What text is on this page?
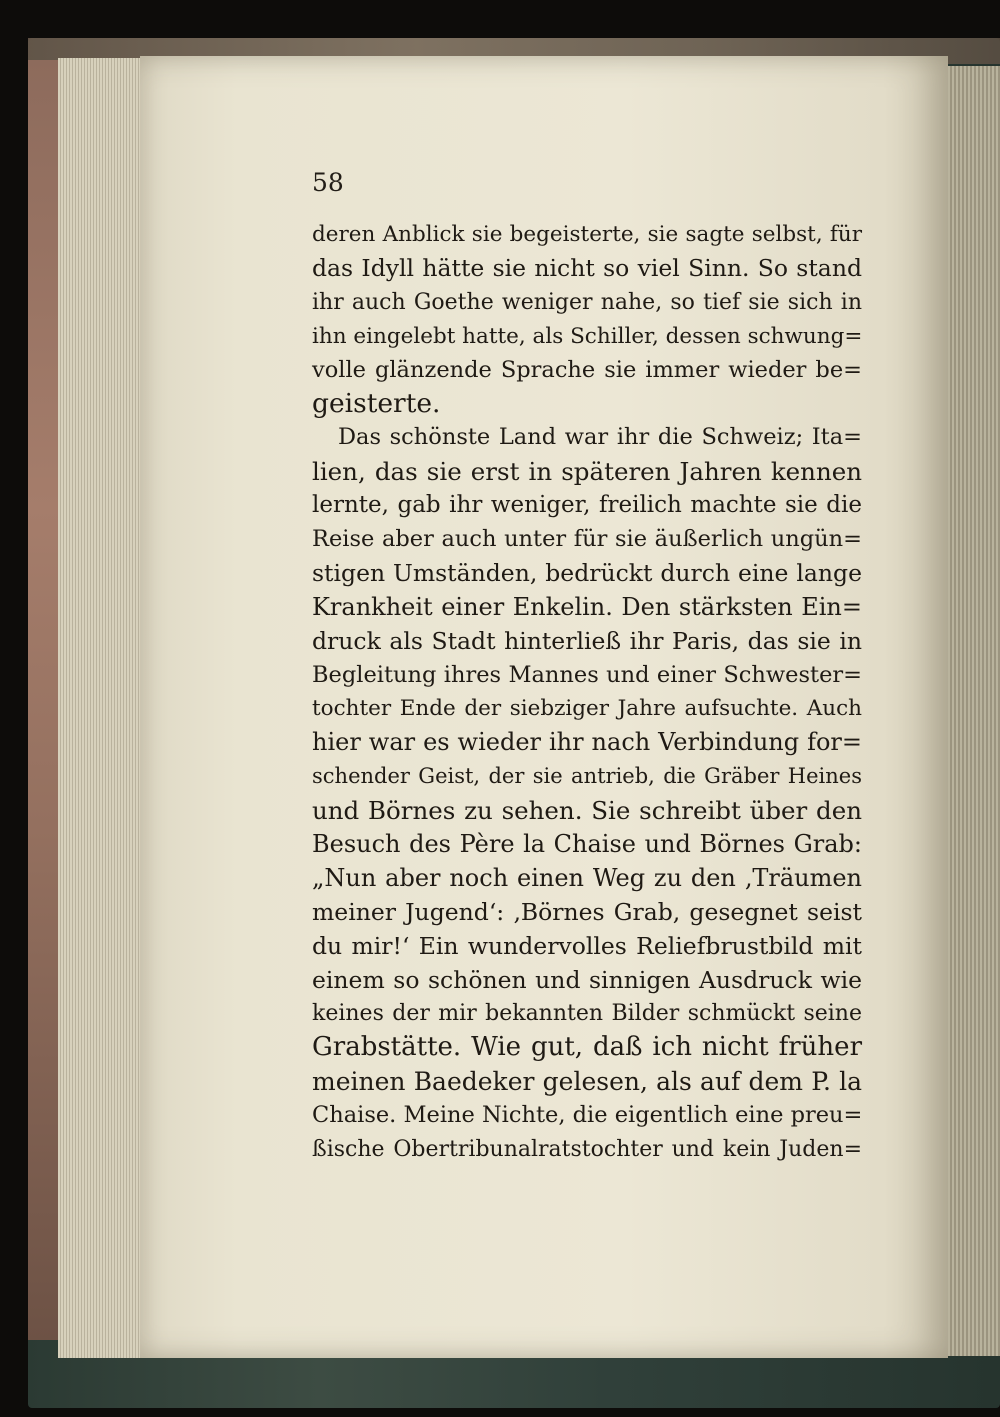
58

deren Anblick sie begeisterte, sie sagte selbst, für
das Idyll hätte sie nicht so viel Sinn. So stand
ihr auch Goethe weniger nahe, so tief sie sich in
ihn eingelebt hatte, als Schiller, dessen schwung=
volle glänzende Sprache sie immer wieder be=
geisterte.
Das schönste Land war ihr die Schweiz; Ita=
lien, das sie erst in späteren Jahren kennen
lernte, gab ihr weniger, freilich machte sie die
Reise aber auch unter für sie äußerlich ungün=
stigen Umständen, bedrückt durch eine lange
Krankheit einer Enkelin. Den stärksten Ein=
druck als Stadt hinterließ ihr Paris, das sie in
Begleitung ihres Mannes und einer Schwester=
tochter Ende der siebziger Jahre aufsuchte. Auch
hier war es wieder ihr nach Verbindung for=
schender Geist, der sie antrieb, die Gräber Heines
und Börnes zu sehen. Sie schreibt über den
Besuch des Père la Chaise und Börnes Grab:
„Nun aber noch einen Weg zu den ‚Träumen
meiner Jugend‘: ‚Börnes Grab, gesegnet seist
du mir!‘ Ein wundervolles Reliefbrustbild mit
einem so schönen und sinnigen Ausdruck wie
keines der mir bekannten Bilder schmückt seine
Grabstätte. Wie gut, daß ich nicht früher
meinen Baedeker gelesen, als auf dem P. la
Chaise. Meine Nichte, die eigentlich eine preu=
ßische Obertribunalratstochter und kein Juden=
